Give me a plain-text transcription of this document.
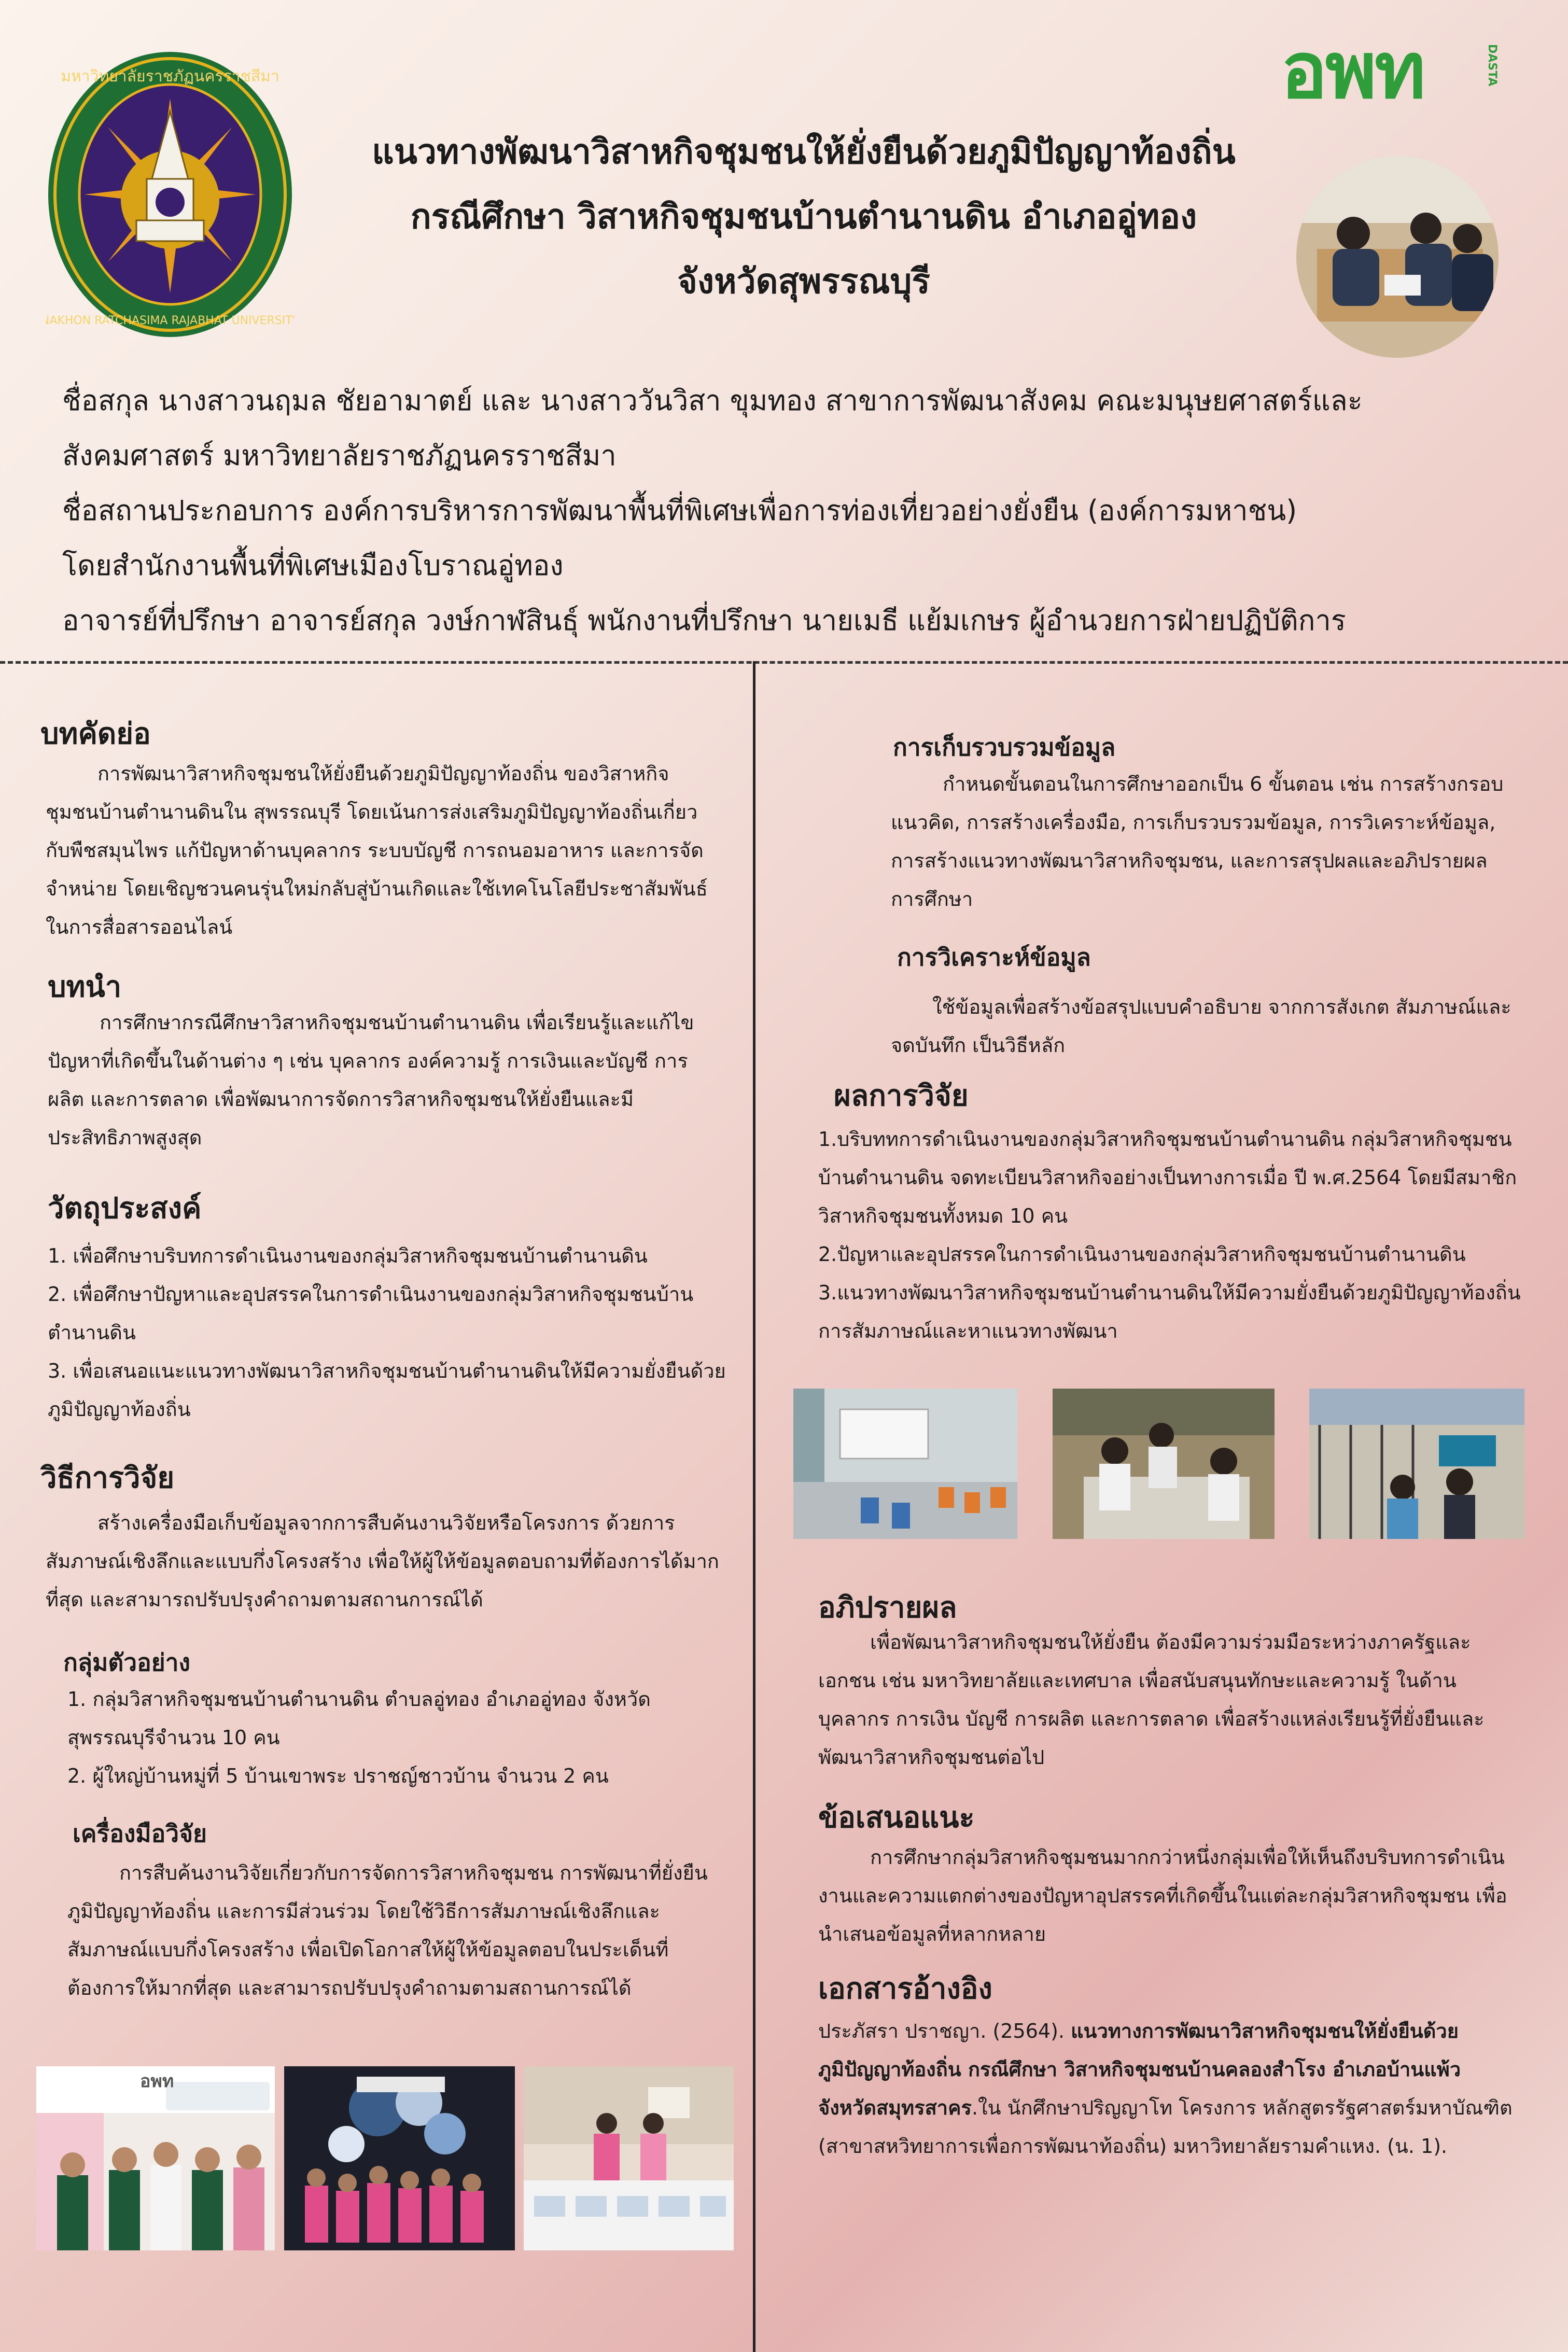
มหาวิทยาลัยราชภัฏนครราชสีมา
NAKHON RATCHASIMA RAJABHAT UNIVERSITY
อพท	DASTA
แนวทางพัฒนาวิสาหกิจชุมชนให้ยั่งยืนด้วยภูมิปัญญาท้องถิ่น
กรณีศึกษา วิสาหกิจชุมชนบ้านตำนานดิน อำเภออู่ทอง
จังหวัดสุพรรณบุรี
ชื่อสกุล นางสาวนฤมล ชัยอามาตย์ และ นางสาววันวิสา ขุมทอง สาขาการพัฒนาสังคม คณะมนุษยศาสตร์และ
สังคมศาสตร์ มหาวิทยาลัยราชภัฏนครราชสีมา
ชื่อสถานประกอบการ องค์การบริหารการพัฒนาพื้นที่พิเศษเพื่อการท่องเที่ยวอย่างยั่งยืน (องค์การมหาชน)
โดยสำนักงานพื้นที่พิเศษเมืองโบราณอู่ทอง
อาจารย์ที่ปรึกษา อาจารย์สกุล วงษ์กาฬสินธุ์ พนักงานที่ปรึกษา นายเมธี แย้มเกษร ผู้อำนวยการฝ่ายปฏิบัติการ
บทคัดย่อ
การพัฒนาวิสาหกิจชุมชนให้ยั่งยืนด้วยภูมิปัญญาท้องถิ่น ของวิสาหกิจชุมชนบ้านตำนานดินใน สุพรรณบุรี โดยเน้นการส่งเสริมภูมิปัญญาท้องถิ่นเกี่ยวกับพืชสมุนไพร แก้ปัญหาด้านบุคลากร ระบบบัญชี การถนอมอาหาร และการจัดจำหน่าย โดยเชิญชวนคนรุ่นใหม่กลับสู่บ้านเกิดและใช้เทคโนโลยีประชาสัมพันธ์ในการสื่อสารออนไลน์
บทนำ
การศึกษากรณีศึกษาวิสาหกิจชุมชนบ้านตำนานดิน เพื่อเรียนรู้และแก้ไขปัญหาที่เกิดขึ้นในด้านต่าง ๆ เช่น บุคลากร องค์ความรู้ การเงินและบัญชี การผลิต และการตลาด เพื่อพัฒนาการจัดการวิสาหกิจชุมชนให้ยั่งยืนและมีประสิทธิภาพสูงสุด
วัตถุประสงค์
1. เพื่อศึกษาบริบทการดำเนินงานของกลุ่มวิสาหกิจชุมชนบ้านตำนานดิน
2. เพื่อศึกษาปัญหาและอุปสรรคในการดำเนินงานของกลุ่มวิสาหกิจชุมชนบ้านตำนานดิน
3. เพื่อเสนอแนะแนวทางพัฒนาวิสาหกิจชุมชนบ้านตำนานดินให้มีความยั่งยืนด้วยภูมิปัญญาท้องถิ่น
วิธีการวิจัย
สร้างเครื่องมือเก็บข้อมูลจากการสืบค้นงานวิจัยหรือโครงการ ด้วยการสัมภาษณ์เชิงลึกและแบบกึ่งโครงสร้าง เพื่อให้ผู้ให้ข้อมูลตอบถามที่ต้องการได้มากที่สุด และสามารถปรับปรุงคำถามตามสถานการณ์ได้
กลุ่มตัวอย่าง
1. กลุ่มวิสาหกิจชุมชนบ้านตำนานดิน ตำบลอู่ทอง อำเภออู่ทอง จังหวัดสุพรรณบุรีจำนวน 10 คน
2. ผู้ใหญ่บ้านหมู่ที่ 5 บ้านเขาพระ ปราชญ์ชาวบ้าน จำนวน 2 คน
เครื่องมือวิจัย
การสืบค้นงานวิจัยเกี่ยวกับการจัดการวิสาหกิจชุมชน การพัฒนาที่ยั่งยืน ภูมิปัญญาท้องถิ่น และการมีส่วนร่วม โดยใช้วิธีการสัมภาษณ์เชิงลึกและสัมภาษณ์แบบกึ่งโครงสร้าง เพื่อเปิดโอกาสให้ผู้ให้ข้อมูลตอบในประเด็นที่ต้องการให้มากที่สุด และสามารถปรับปรุงคำถามตามสถานการณ์ได้
อพท
การเก็บรวบรวมข้อมูล
กำหนดขั้นตอนในการศึกษาออกเป็น 6 ขั้นตอน เช่น การสร้างกรอบแนวคิด, การสร้างเครื่องมือ, การเก็บรวบรวมข้อมูล, การวิเคราะห์ข้อมูล, การสร้างแนวทางพัฒนาวิสาหกิจชุมชน, และการสรุปผลและอภิปรายผลการศึกษา
การวิเคราะห์ข้อมูล
ใช้ข้อมูลเพื่อสร้างข้อสรุปแบบคำอธิบาย จากการสังเกต สัมภาษณ์และจดบันทึก เป็นวิธีหลัก
ผลการวิจัย
1.บริบททการดำเนินงานของกลุ่มวิสาหกิจชุมชนบ้านตำนานดิน กลุ่มวิสาหกิจชุมชนบ้านตำนานดิน จดทะเบียนวิสาหกิจอย่างเป็นทางการเมื่อ ปี พ.ศ.2564 โดยมีสมาชิกวิสาหกิจชุมชนทั้งหมด 10 คน
2.ปัญหาและอุปสรรคในการดำเนินงานของกลุ่มวิสาหกิจชุมชนบ้านตำนานดิน
3.แนวทางพัฒนาวิสาหกิจชุมชนบ้านตำนานดินให้มีความยั่งยืนด้วยภูมิปัญญาท้องถิ่น การสัมภาษณ์และหาแนวทางพัฒนา
อภิปรายผล
เพื่อพัฒนาวิสาหกิจชุมชนให้ยั่งยืน ต้องมีความร่วมมือระหว่างภาครัฐและเอกชน เช่น มหาวิทยาลัยและเทศบาล เพื่อสนับสนุนทักษะและความรู้ ในด้านบุคลากร การเงิน บัญชี การผลิต และการตลาด เพื่อสร้างแหล่งเรียนรู้ที่ยั่งยืนและพัฒนาวิสาหกิจชุมชนต่อไป
ข้อเสนอแนะ
การศึกษากลุ่มวิสาหกิจชุมชนมากกว่าหนึ่งกลุ่มเพื่อให้เห็นถึงบริบทการดำเนินงานและความแตกต่างของปัญหาอุปสรรคที่เกิดขึ้นในแต่ละกลุ่มวิสาหกิจชุมชน เพื่อนำเสนอข้อมูลที่หลากหลาย
เอกสารอ้างอิง
ประภัสรา ปราชญา. (2564). แนวทางการพัฒนาวิสาหกิจชุมชนให้ยั่งยืนด้วยภูมิปัญญาท้องถิ่น กรณีศึกษา วิสาหกิจชุมชนบ้านคลองสำโรง อำเภอบ้านแพ้ว จังหวัดสมุทรสาคร.ใน นักศึกษาปริญญาโท โครงการ หลักสูตรรัฐศาสตร์มหาบัณฑิต (สาขาสหวิทยาการเพื่อการพัฒนาท้องถิ่น) มหาวิทยาลัยรามคำแหง. (น. 1).
